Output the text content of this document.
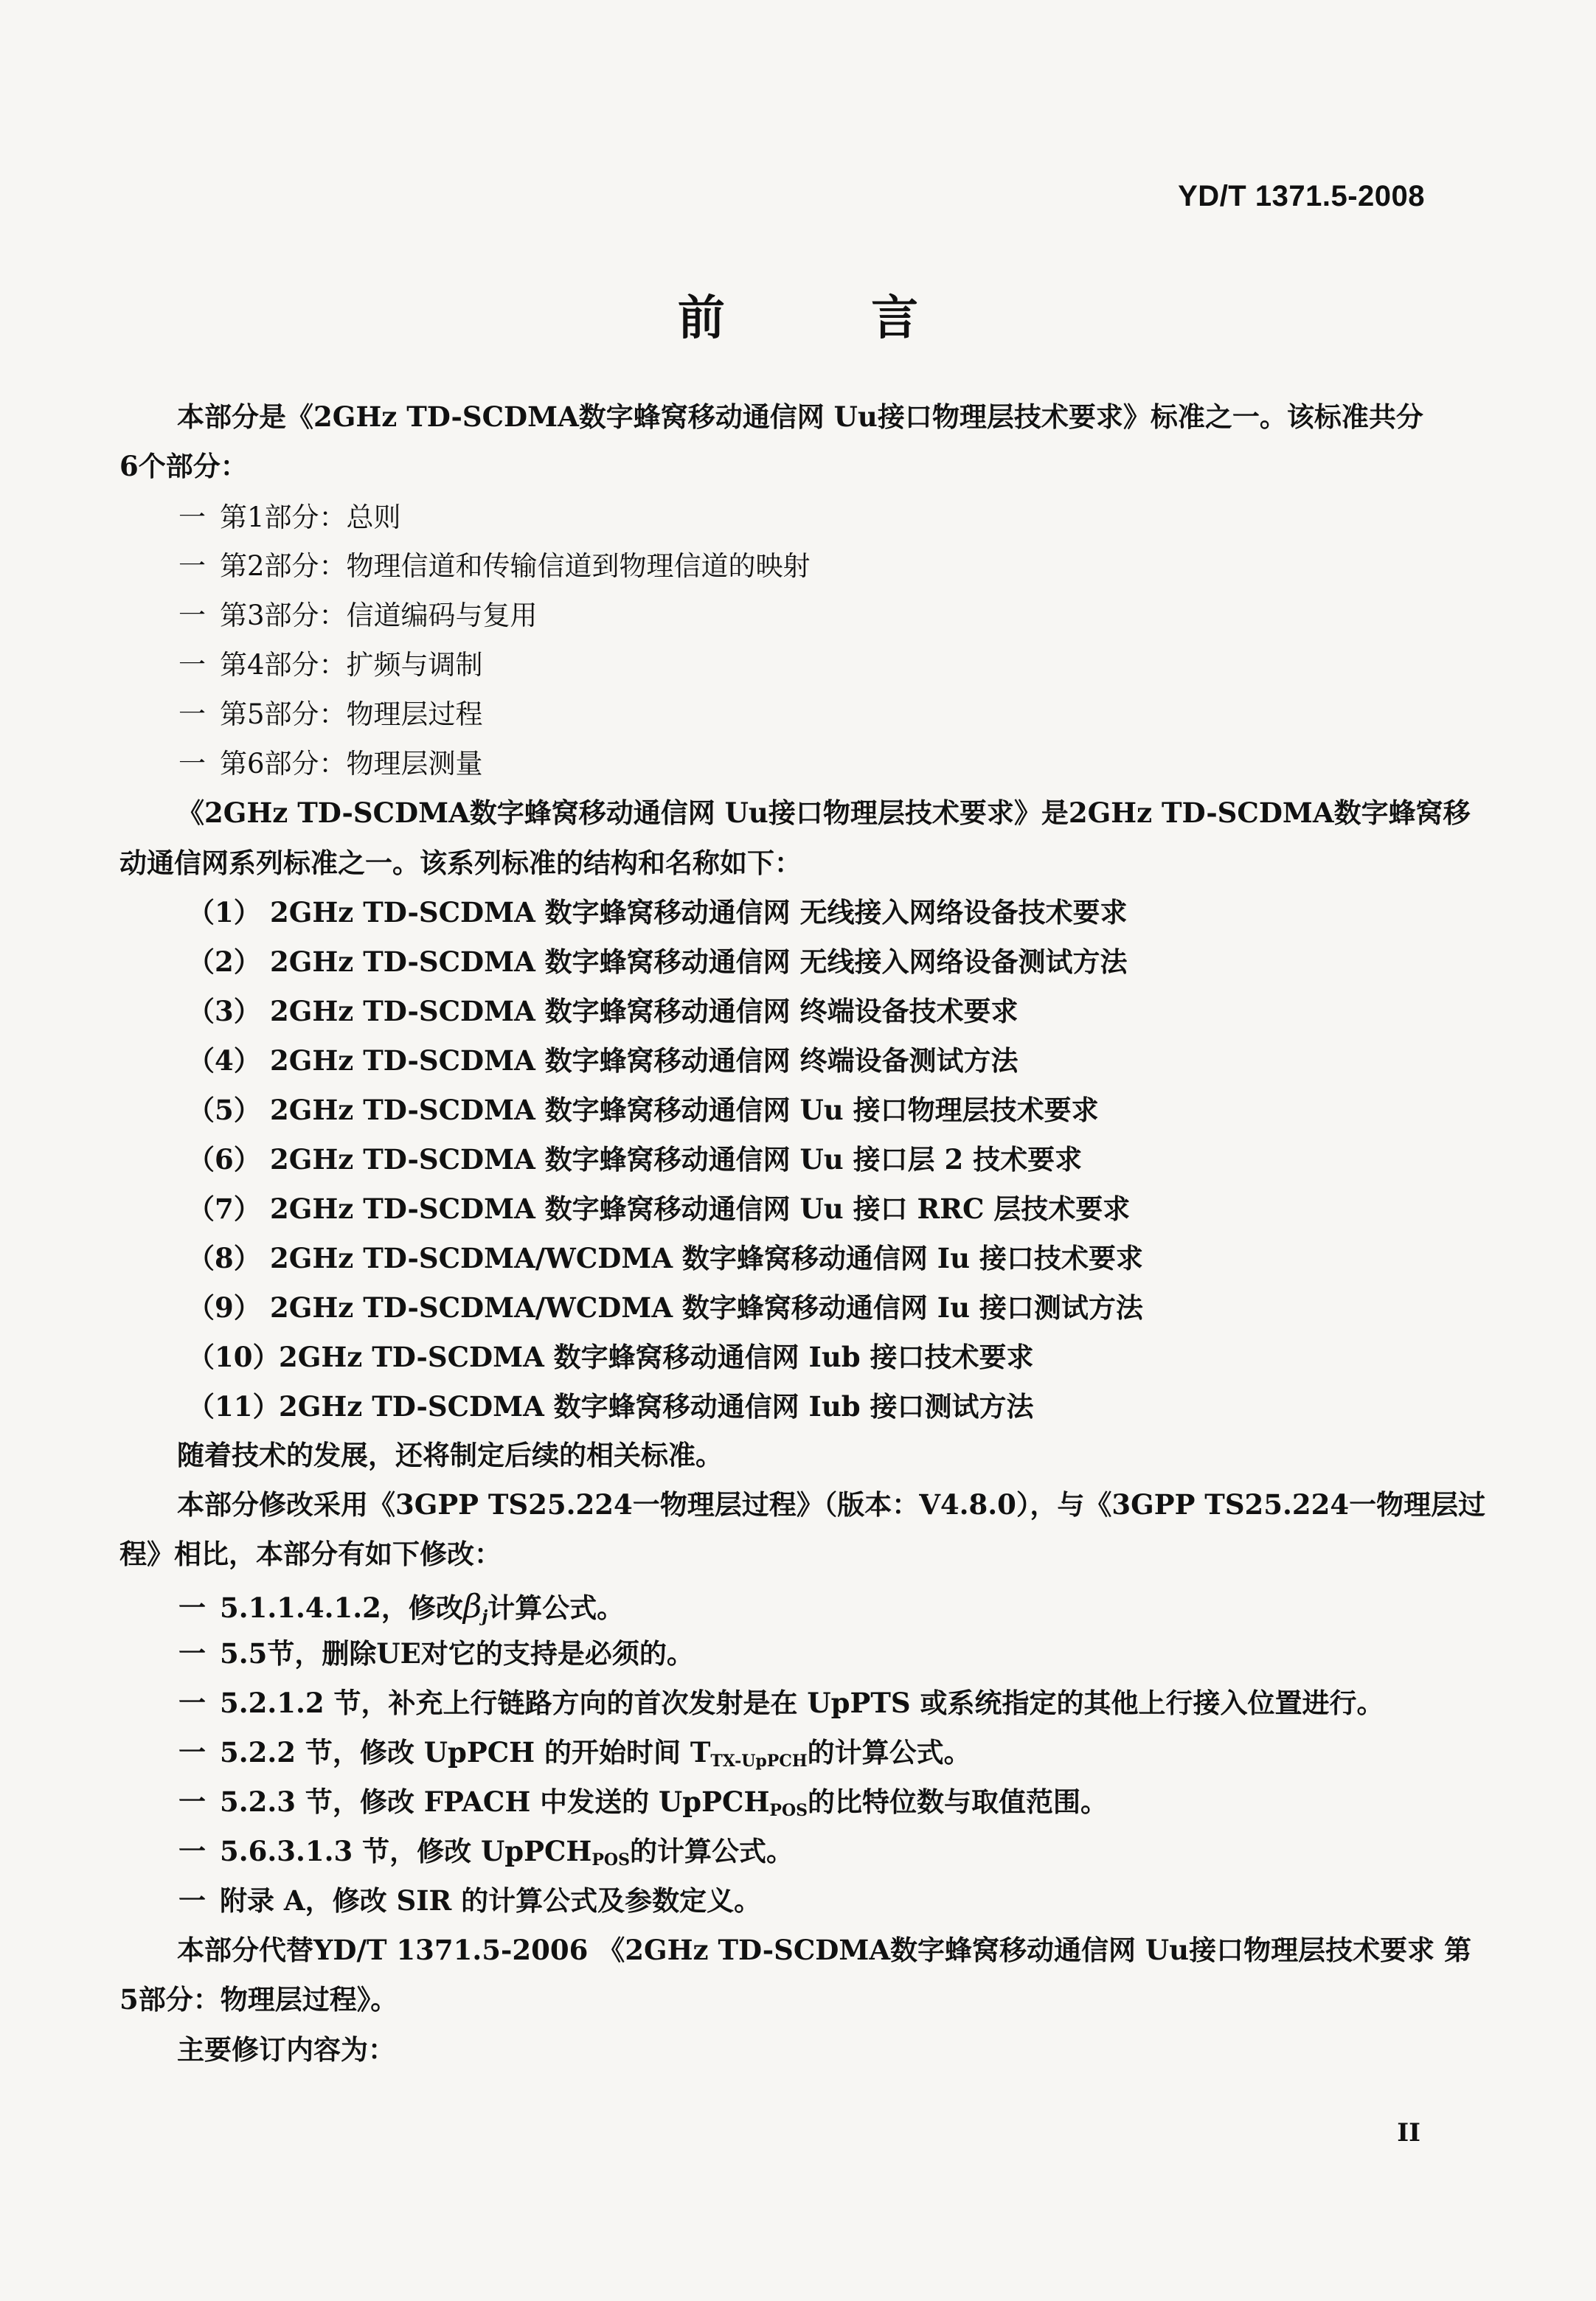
YD/T 1371.5-2008
前 言
本部分是《2GHz TD-SCDMA数字蜂窝移动通信网 Uu接口物理层技术要求》标准之一。该标准共分
6个部分：
一 第1部分：总则
一 第2部分：物理信道和传输信道到物理信道的映射
一 第3部分：信道编码与复用
一 第4部分：扩频与调制
一 第5部分：物理层过程
一 第6部分：物理层测量
《2GHz TD-SCDMA数字蜂窝移动通信网 Uu接口物理层技术要求》是2GHz TD-SCDMA数字蜂窝移
动通信网系列标准之一。该系列标准的结构和名称如下：
（1） 2GHz TD-SCDMA 数字蜂窝移动通信网 无线接入网络设备技术要求
（2） 2GHz TD-SCDMA 数字蜂窝移动通信网 无线接入网络设备测试方法
（3） 2GHz TD-SCDMA 数字蜂窝移动通信网 终端设备技术要求
（4） 2GHz TD-SCDMA 数字蜂窝移动通信网 终端设备测试方法
（5） 2GHz TD-SCDMA 数字蜂窝移动通信网 Uu 接口物理层技术要求
（6） 2GHz TD-SCDMA 数字蜂窝移动通信网 Uu 接口层 2 技术要求
（7） 2GHz TD-SCDMA 数字蜂窝移动通信网 Uu 接口 RRC 层技术要求
（8） 2GHz TD-SCDMA/WCDMA 数字蜂窝移动通信网 Iu 接口技术要求
（9） 2GHz TD-SCDMA/WCDMA 数字蜂窝移动通信网 Iu 接口测试方法
（10）2GHz TD-SCDMA 数字蜂窝移动通信网 Iub 接口技术要求
（11）2GHz TD-SCDMA 数字蜂窝移动通信网 Iub 接口测试方法
随着技术的发展，还将制定后续的相关标准。
本部分修改采用《3GPP TS25.224一物理层过程》（版本：V4.8.0），与《3GPP TS25.224一物理层过
程》相比，本部分有如下修改：
一 5.1.1.4.1.2，修改$\beta_j$计算公式。
一 5.5节，删除UE对它的支持是必须的。
一 5.2.1.2 节，补充上行链路方向的首次发射是在 UpPTS 或系统指定的其他上行接入位置进行。
一 5.2.2 节，修改 UpPCH 的开始时间 $T_{TX-UpPCH}$的计算公式。
一 5.2.3 节，修改 FPACH 中发送的 UpPCH$_{POS}$的比特位数与取值范围。
一 5.6.3.1.3 节，修改 UpPCH$_{POS}$的计算公式。
一 附录 A，修改 SIR 的计算公式及参数定义。
本部分代替YD/T 1371.5-2006 《2GHz TD-SCDMA数字蜂窝移动通信网 Uu接口物理层技术要求 第
5部分：物理层过程》。
主要修订内容为：
II
